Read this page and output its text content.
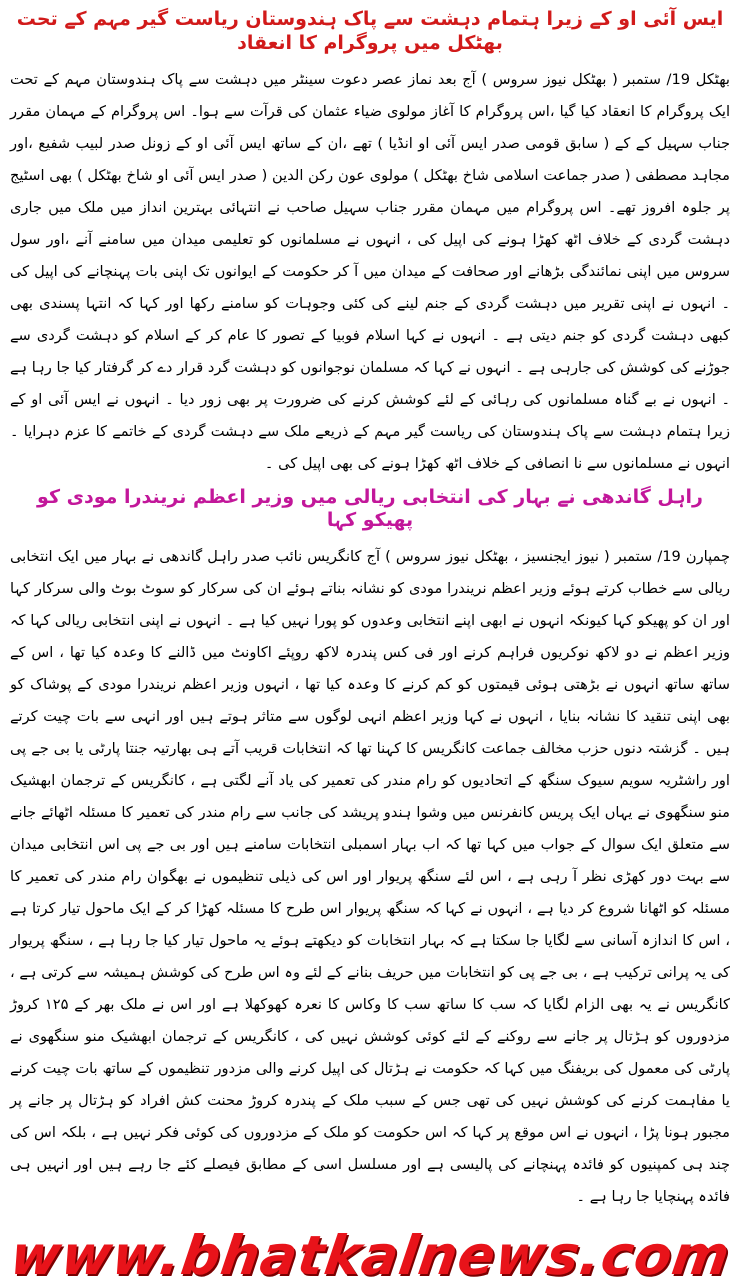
ایس آئی او کے زیرا ہتمام دہشت سے پاک ہندوستان ریاست گیر مہم کے تحت بھٹکل میں پروگرام کا انعقاد

بھٹکل 19/ ستمبر ( بھٹکل نیوز سروس ) آج بعد نماز عصر دعوت سینٹر میں دہشت سے پاک ہندوستان مہم کے تحت ایک پروگرام کا انعقاد کیا گیا ،اس پروگرام کا آغاز مولوی ضیاء عثمان کی قرآت سے ہوا۔ اس پروگرام کے مہمان مقرر جناب سہیل کے کے ( سابق قومی صدر ایس آئی او انڈیا ) تھے ،ان کے ساتھ ایس آئی او کے زونل صدر لبیب شفیع ،اور مجاہد مصطفی ( صدر جماعت اسلامی شاخ بھٹکل ) مولوی عون رکن الدین ( صدر ایس آئی او شاخ بھٹکل ) بھی اسٹیج پر جلوہ افروز تھے۔ اس پروگرام میں مہمان مقرر جناب سہیل صاحب نے انتہائی بہترین انداز میں ملک میں جاری دہشت گردی کے خلاف اٹھ کھڑا ہونے کی اپیل کی ، انہوں نے مسلمانوں کو تعلیمی میدان میں سامنے آنے ،اور سول سروس میں اپنی نمائندگی بڑھانے اور صحافت کے میدان میں آ کر حکومت کے ایوانوں تک اپنی بات پہنچانے کی اپیل کی ۔ انہوں نے اپنی تقریر میں دہشت گردی کے جنم لینے کی کئی وجوہات کو سامنے رکھا اور کہا کہ انتہا پسندی بھی کبھی دہشت گردی کو جنم دیتی ہے ۔ انہوں نے کہا اسلام فوبیا کے تصور کا عام کر کے اسلام کو دہشت گردی سے جوڑنے کی کوشش کی جارہی ہے ۔ انہوں نے کہا کہ مسلمان نوجوانوں کو دہشت گرد قرار دے کر گرفتار کیا جا رہا ہے ۔ انہوں نے بے گناہ مسلمانوں کی رہائی کے لئے کوشش کرنے کی ضرورت پر بھی زور دیا ۔ انہوں نے ایس آئی او کے زیرا ہتمام دہشت سے پاک ہندوستان کی ریاست گیر مہم کے ذریعے ملک سے دہشت گردی کے خاتمے کا عزم دہرایا ۔ انہوں نے مسلمانوں سے نا انصافی کے خلاف اٹھ کھڑا ہونے کی بھی اپیل کی ۔

راہل گاندھی نے بہار کی انتخابی ریالی میں وزیر اعظم نریندرا مودی کو پھیکو کہا

چمپارن 19/ ستمبر ( نیوز ایجنسیز ، بھٹکل نیوز سروس ) آج کانگریس نائب صدر راہل گاندھی نے بہار میں ایک انتخابی ریالی سے خطاب کرتے ہوئے وزیر اعظم نریندرا مودی کو نشانہ بناتے ہوئے ان کی سرکار کو سوٹ بوٹ والی سرکار کہا اور ان کو پھیکو کہا کیونکہ انہوں نے ابھی اپنے انتخابی وعدوں کو پورا نہیں کیا ہے ۔ انہوں نے اپنی انتخابی ریالی کہا کہ وزیر اعظم نے دو لاکھ نوکریوں فراہم کرنے اور فی کس پندرہ لاکھ روپئے اکاونٹ میں ڈالنے کا وعدہ کیا تھا ، اس کے ساتھ ساتھ انہوں نے بڑھتی ہوئی قیمتوں کو کم کرنے کا وعدہ کیا تھا ، انہوں وزیر اعظم نریندرا مودی کے پوشاک کو بھی اپنی تنقید کا نشانہ بنایا ، انہوں نے کہا وزیر اعظم انہی لوگوں سے متاثر ہوتے ہیں اور انہی سے بات چیت کرتے ہیں ۔ گزشتہ دنوں حزب مخالف جماعت کانگریس کا کہنا تھا کہ انتخابات قریب آتے ہی بھارتیہ جنتا پارٹی یا بی جے پی اور راشٹریہ سویم سیوک سنگھ کے اتحادیوں کو رام مندر کی تعمیر کی یاد آنے لگتی ہے ، کانگریس کے ترجمان ابھشیک منو سنگھوی نے یہاں ایک پریس کانفرنس میں وشوا ہندو پریشد کی جانب سے رام مندر کی تعمیر کا مسئلہ اٹھائے جانے سے متعلق ایک سوال کے جواب میں کہا تھا کہ اب بہار اسمبلی انتخابات سامنے ہیں اور بی جے پی اس انتخابی میدان سے بہت دور کھڑی نظر آ رہی ہے ، اس لئے سنگھ پریوار اور اس کی ذیلی تنظیموں نے بھگوان رام مندر کی تعمیر کا مسئلہ کو اٹھانا شروع کر دیا ہے ، انہوں نے کہا کہ سنگھ پریوار اس طرح کا مسئلہ کھڑا کر کے ایک ماحول تیار کرتا ہے ، اس کا اندازہ آسانی سے لگایا جا سکتا ہے کہ بہار انتخابات کو دیکھتے ہوئے یہ ماحول تیار کیا جا رہا ہے ، سنگھ پریوار کی یہ پرانی ترکیب ہے ، بی جے پی کو انتخابات میں حریف بنانے کے لئے وہ اس طرح کی کوشش ہمیشہ سے کرتی ہے ، کانگریس نے یہ بھی الزام لگایا کہ سب کا ساتھ سب کا وکاس کا نعرہ کھوکھلا ہے اور اس نے ملک بھر کے ۱۲۵ کروڑ مزدوروں کو ہڑتال پر جانے سے روکنے کے لئے کوئی کوشش نہیں کی ، کانگریس کے ترجمان ابھشیک منو سنگھوی نے پارٹی کی معمول کی بریفنگ میں کہا کہ حکومت نے ہڑتال کی اپیل کرنے والی مزدور تنظیموں کے ساتھ بات چیت کرنے یا مفاہمت کرنے کی کوشش نہیں کی تھی جس کے سبب ملک کے پندرہ کروڑ محنت کش افراد کو ہڑتال پر جانے پر مجبور ہونا پڑا ، انہوں نے اس موقع پر کہا کہ اس حکومت کو ملک کے مزدوروں کی کوئی فکر نہیں ہے ، بلکہ اس کی چند ہی کمپنیوں کو فائدہ پہنچانے کی پالیسی ہے اور مسلسل اسی کے مطابق فیصلے کئے جا رہے ہیں اور انہیں ہی فائدہ پہنچایا جا رہا ہے ۔

www.bhatkalnews.com
